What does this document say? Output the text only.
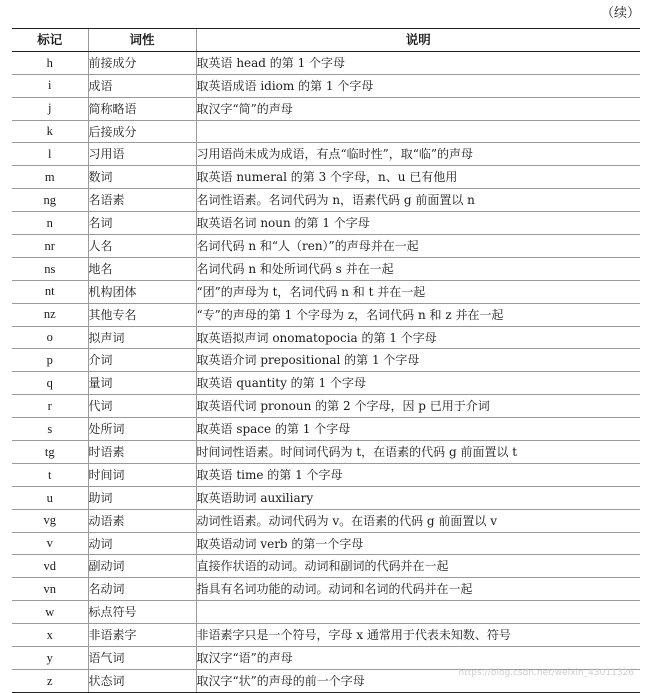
（续）
标记	词性	说明
h	前接成分	取英语 head 的第 1 个字母
i	成语	取英语成语 idiom 的第 1 个字母
j	简称略语	取汉字“简”的声母
k	后接成分	
l	习用语	习用语尚未成为成语，有点“临时性”，取“临”的声母
m	数词	取英语 numeral 的第 3 个字母，n、u 已有他用
ng	名语素	名词性语素。名词代码为 n，语素代码 g 前面置以 n
n	名词	取英语名词 noun 的第 1 个字母
nr	人名	名词代码 n 和“人（ren）”的声母并在一起
ns	地名	名词代码 n 和处所词代码 s 并在一起
nt	机构团体	“团”的声母为 t，名词代码 n 和 t 并在一起
nz	其他专名	“专”的声母的第 1 个字母为 z，名词代码 n 和 z 并在一起
o	拟声词	取英语拟声词 onomatopocia 的第 1 个字母
p	介词	取英语介词 prepositional 的第 1 个字母
q	量词	取英语 quantity 的第 1 个字母
r	代词	取英语代词 pronoun 的第 2 个字母，因 p 已用于介词
s	处所词	取英语 space 的第 1 个字母
tg	时语素	时间词性语素。时间词代码为 t，在语素的代码 g 前面置以 t
t	时间词	取英语 time 的第 1 个字母
u	助词	取英语助词 auxiliary
vg	动语素	动词性语素。动词代码为 v。在语素的代码 g 前面置以 v
v	动词	取英语动词 verb 的第一个字母
vd	副动词	直接作状语的动词。动词和副词的代码并在一起
vn	名动词	指具有名词功能的动词。动词和名词的代码并在一起
w	标点符号	
x	非语素字	非语素字只是一个符号，字母 x 通常用于代表未知数、符号
y	语气词	取汉字“语”的声母
z	状态词	取汉字“状”的声母的前一个字母
https://blog.csdn.net/weixin_43011326
